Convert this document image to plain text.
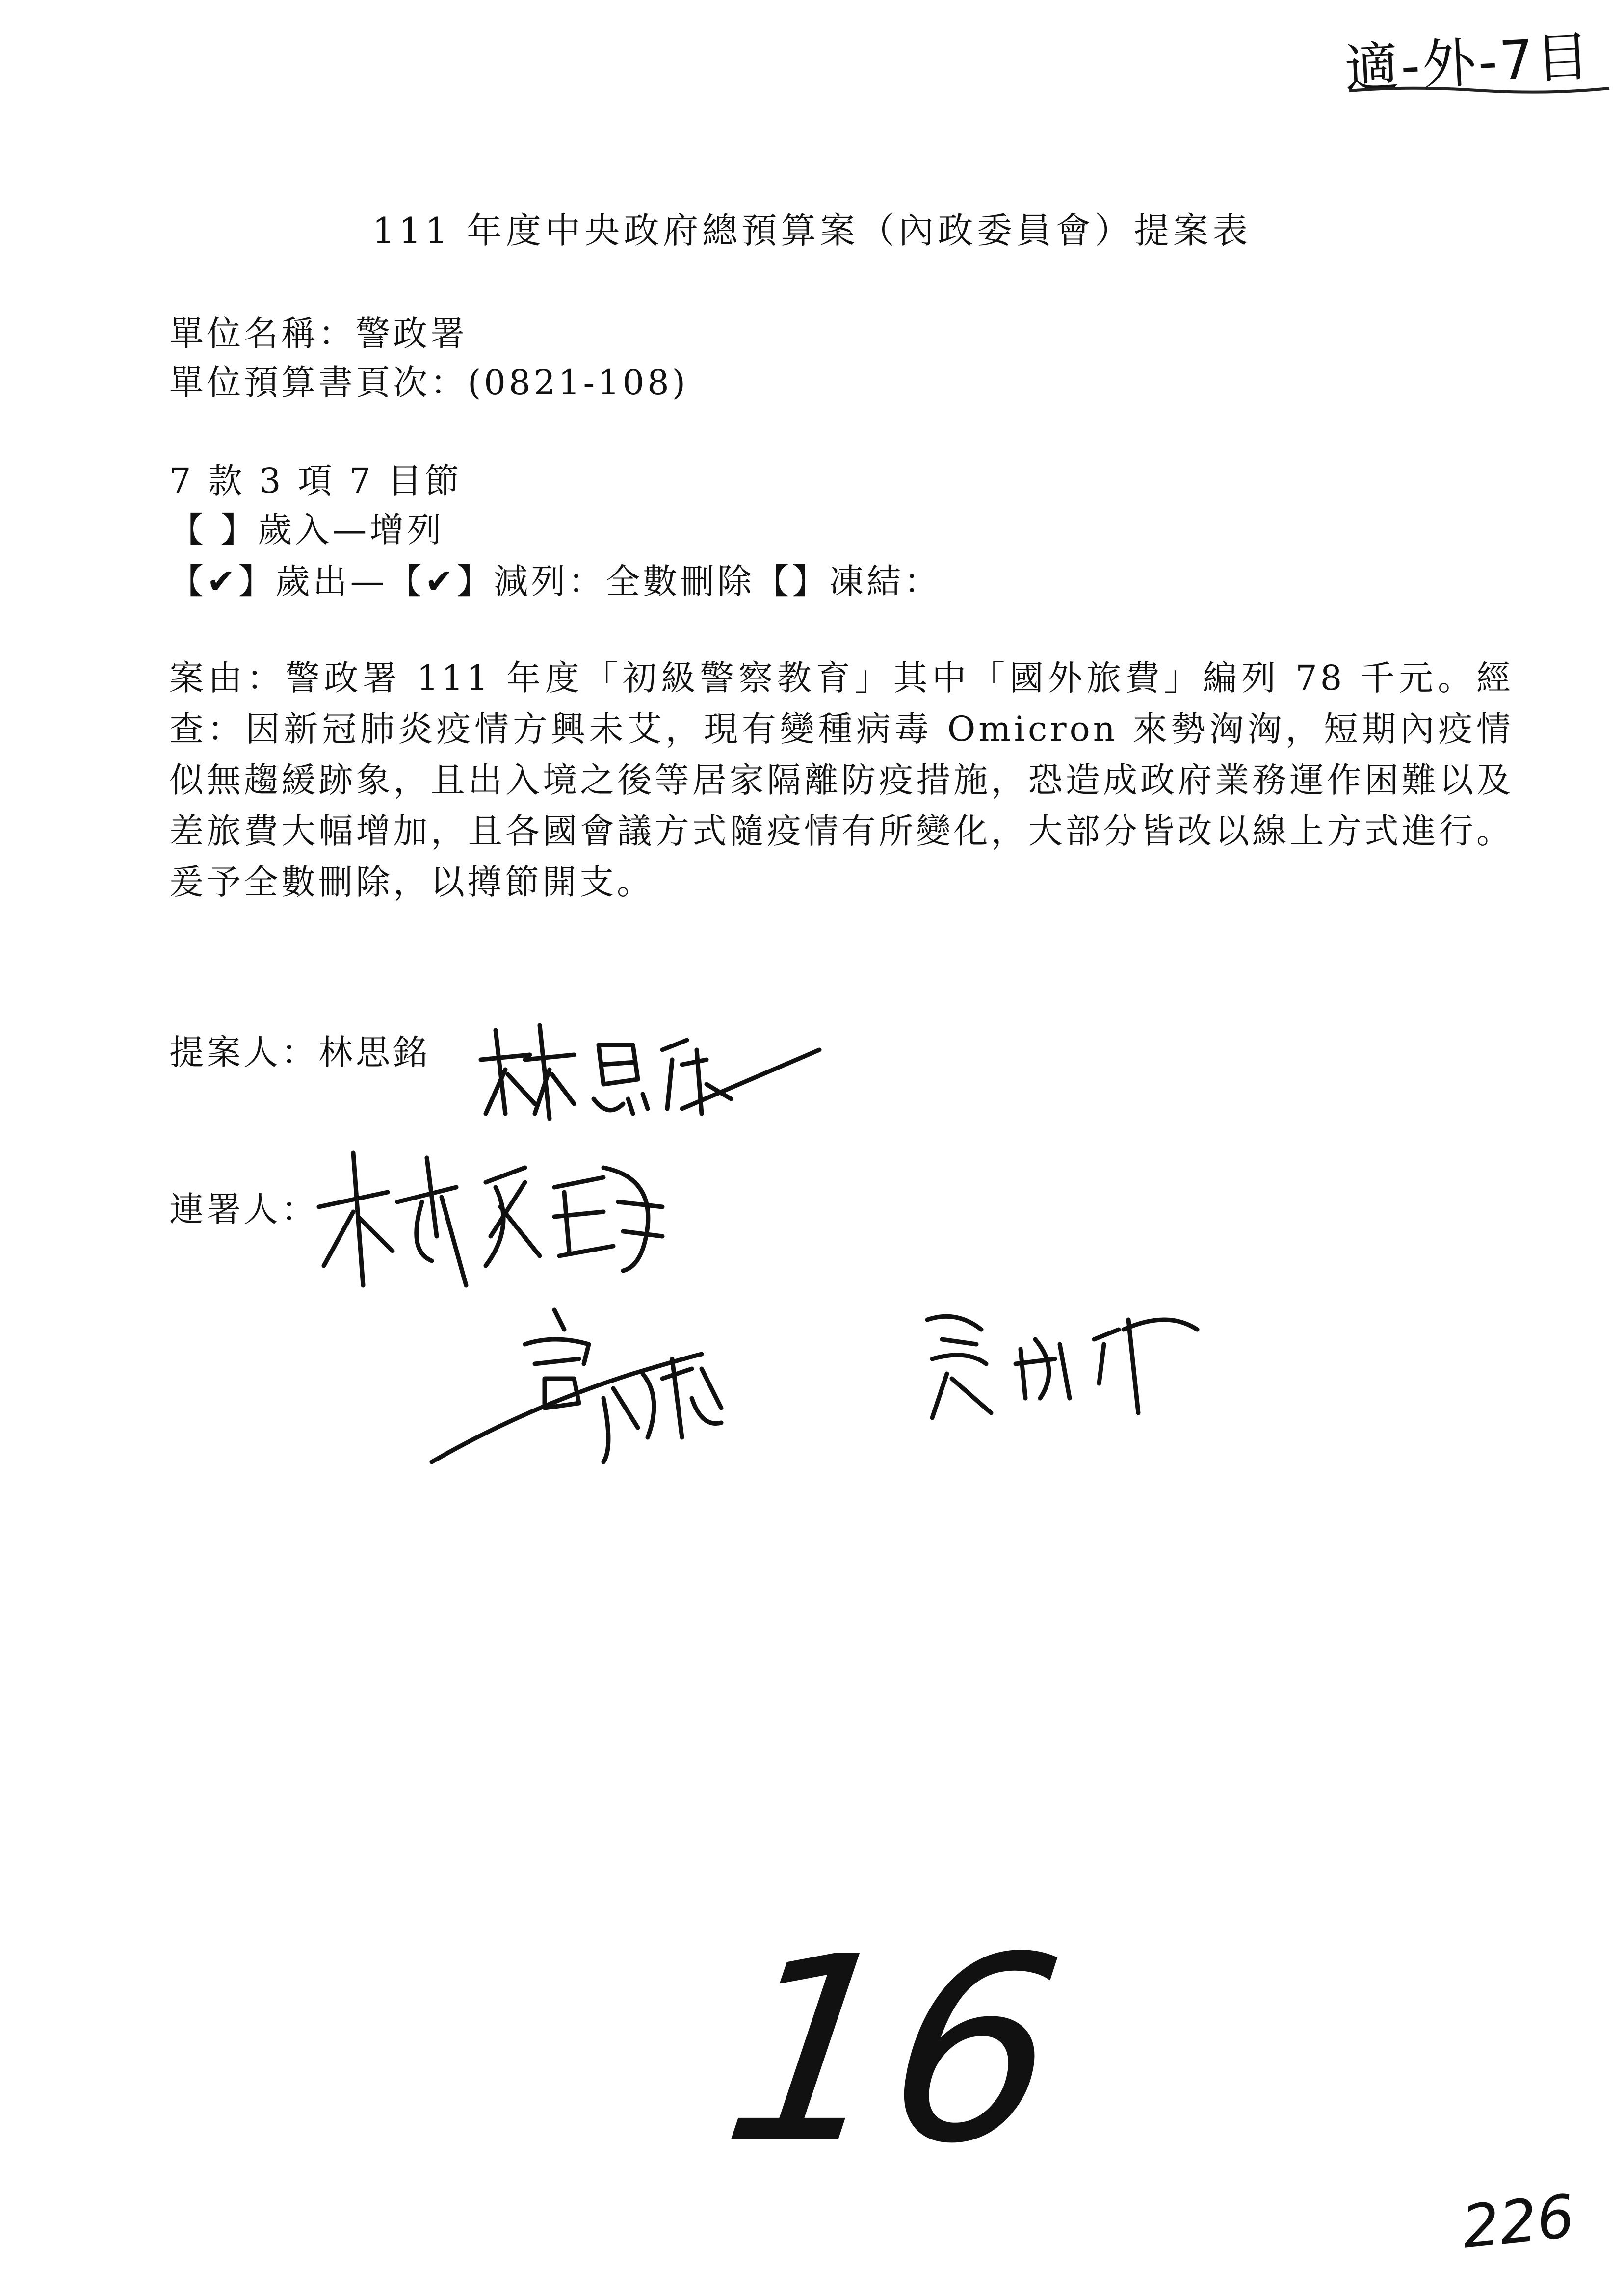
適-外-7目
111 年度中央政府總預算案（內政委員會）提案表
單位名稱：警政署
單位預算書頁次：(0821-108)
7 款 3 項 7 目節
【 】歲入—增列
【✔】歲出—【✔】減列：全數刪除【】凍結：
案由：警政署 111 年度「初級警察教育」其中「國外旅費」編列 78 千元。經查：因新冠肺炎疫情方興未艾，現有變種病毒 Omicron 來勢洶洶，短期內疫情似無趨緩跡象，且出入境之後等居家隔離防疫措施，恐造成政府業務運作困難以及差旅費大幅增加，且各國會議方式隨疫情有所變化，大部分皆改以線上方式進行。爰予全數刪除，以撙節開支。
提案人：林思銘
連署人：
16
226
